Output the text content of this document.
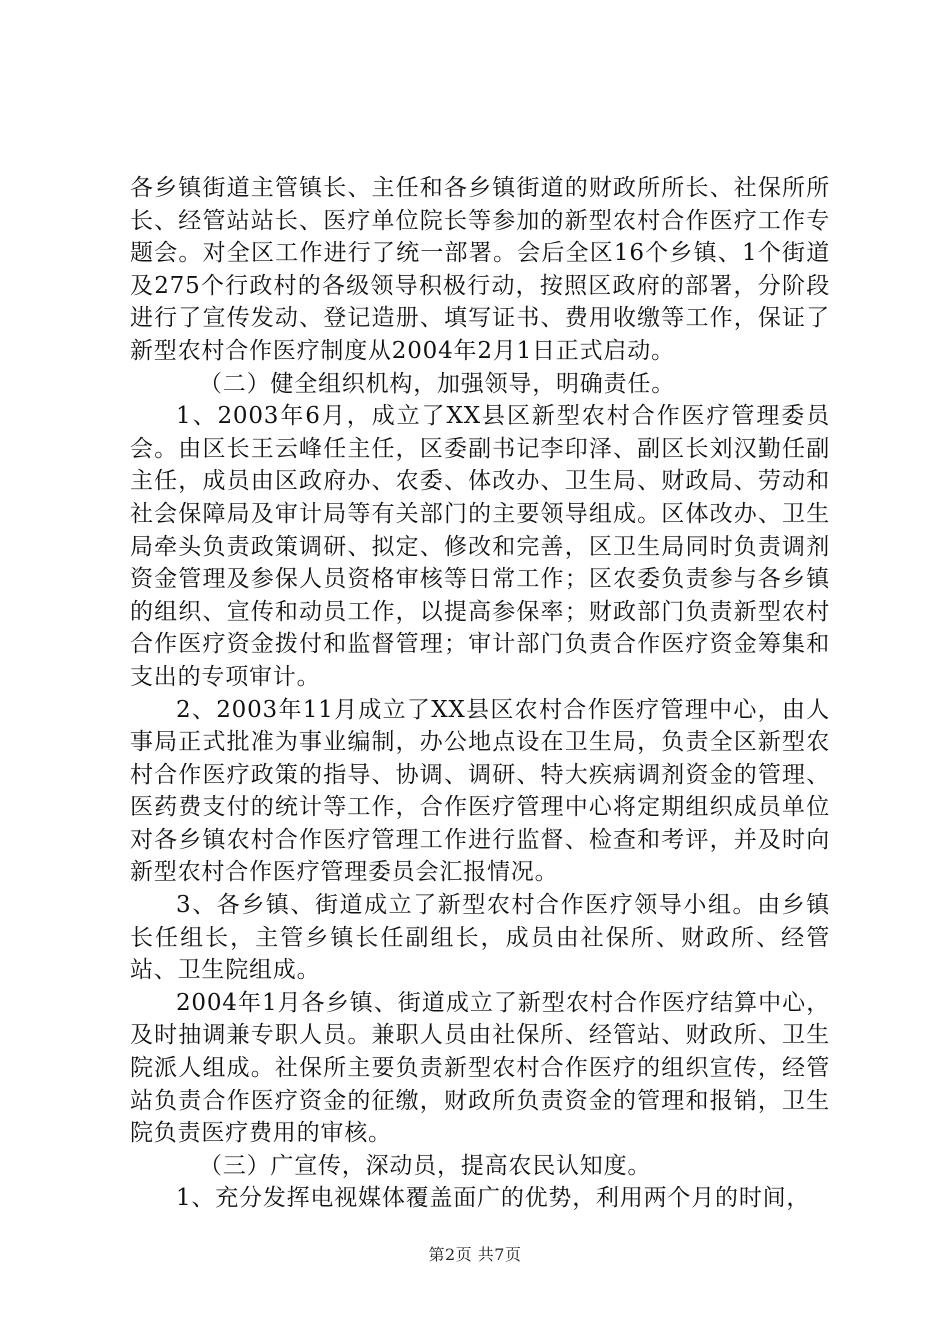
各乡镇街道主管镇长、主任和各乡镇街道的财政所所长、社保所所长、经管站站长、医疗单位院长等参加的新型农村合作医疗工作专题会。对全区工作进行了统一部署。会后全区16个乡镇、1个街道及275个行政村的各级领导积极行动，按照区政府的部署，分阶段进行了宣传发动、登记造册、填写证书、费用收缴等工作，保证了新型农村合作医疗制度从2004年2月1日正式启动。

（二）健全组织机构，加强领导，明确责任。

1、2003年6月，成立了XX县区新型农村合作医疗管理委员会。由区长王云峰任主任，区委副书记李印泽、副区长刘汉勤任副主任，成员由区政府办、农委、体改办、卫生局、财政局、劳动和社会保障局及审计局等有关部门的主要领导组成。区体改办、卫生局牵头负责政策调研、拟定、修改和完善，区卫生局同时负责调剂资金管理及参保人员资格审核等日常工作；区农委负责参与各乡镇的组织、宣传和动员工作，以提高参保率；财政部门负责新型农村合作医疗资金拨付和监督管理；审计部门负责合作医疗资金筹集和支出的专项审计。

2、2003年11月成立了XX县区农村合作医疗管理中心，由人事局正式批准为事业编制，办公地点设在卫生局，负责全区新型农村合作医疗政策的指导、协调、调研、特大疾病调剂资金的管理、医药费支付的统计等工作，合作医疗管理中心将定期组织成员单位对各乡镇农村合作医疗管理工作进行监督、检查和考评，并及时向新型农村合作医疗管理委员会汇报情况。

3、各乡镇、街道成立了新型农村合作医疗领导小组。由乡镇长任组长，主管乡镇长任副组长，成员由社保所、财政所、经管站、卫生院组成。

2004年1月各乡镇、街道成立了新型农村合作医疗结算中心，及时抽调兼专职人员。兼职人员由社保所、经管站、财政所、卫生院派人组成。社保所主要负责新型农村合作医疗的组织宣传，经管站负责合作医疗资金的征缴，财政所负责资金的管理和报销，卫生院负责医疗费用的审核。

（三）广宣传，深动员，提高农民认知度。

1、充分发挥电视媒体覆盖面广的优势，利用两个月的时间，

第2页 共7页
